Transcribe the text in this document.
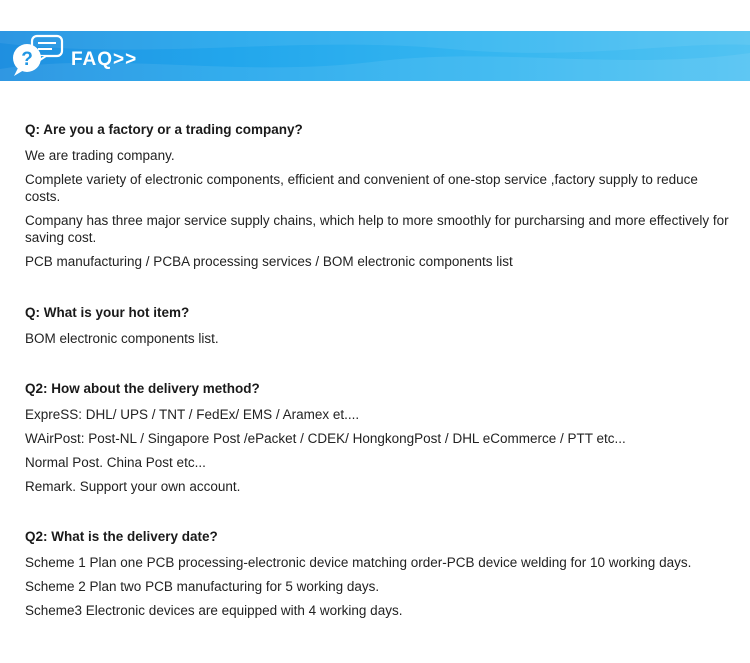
? FAQ>>

Q: Are you a factory or a trading company?

We are trading company.

Complete variety of electronic components, efficient and convenient of one-stop service ,factory supply to reduce costs.

Company has three major service supply chains, which help to more smoothly for purcharsing and more effectively for saving cost.

PCB manufacturing / PCBA processing services / BOM electronic components list

Q: What is your hot item?

BOM electronic components list.

Q2: How about the delivery method?

ExpreSS: DHL/ UPS / TNT / FedEx/ EMS / Aramex et....

WAirPost: Post-NL / Singapore Post /ePacket / CDEK/ HongkongPost / DHL eCommerce / PTT etc...

Normal Post. China Post etc...

Remark. Support your own account.

Q2: What is the delivery date?

Scheme 1 Plan one PCB processing-electronic device matching order-PCB device welding for 10 working days.

Scheme 2 Plan two PCB manufacturing for 5 working days.

Scheme3 Electronic devices are equipped with 4 working days.
